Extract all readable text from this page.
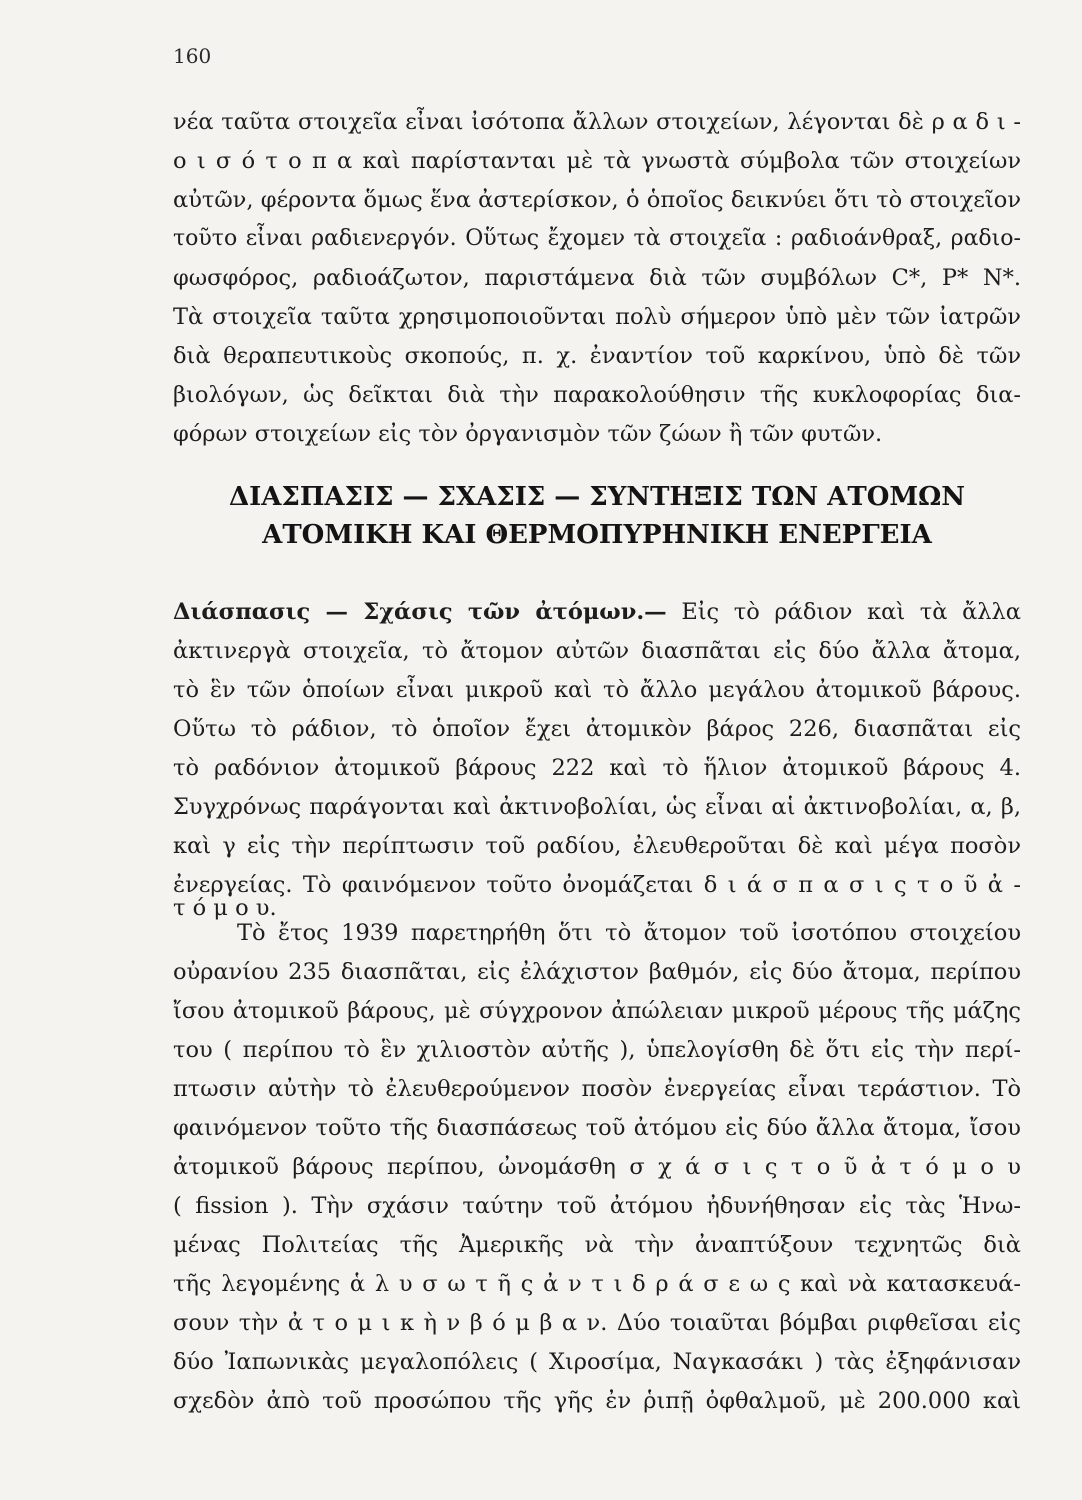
160
νέα ταῦτα στοιχεῖα εἶναι ἰσότοπα ἄλλων στοιχείων, λέγονται δὲ ρ α δ ι -
ο ι σ ό τ ο π α καὶ παρίστανται μὲ τὰ γνωστὰ σύμβολα τῶν στοιχείων
αὐτῶν, φέροντα ὅμως ἕνα ἀστερίσκον, ὁ ὁποῖος δεικνύει ὅτι τὸ στοιχεῖον
τοῦτο εἶναι ραδιενεργόν. Οὕτως ἔχομεν τὰ στοιχεῖα : ραδιοάνθραξ, ραδιο-
φωσφόρος, ραδιοάζωτον, παριστάμενα διὰ τῶν συμβόλων C*, P* N*.
Τὰ στοιχεῖα ταῦτα χρησιμοποιοῦνται πολὺ σήμερον ὑπὸ μὲν τῶν ἰατρῶν
διὰ θεραπευτικοὺς σκοπούς, π. χ. ἐναντίον τοῦ καρκίνου, ὑπὸ δὲ τῶν
βιολόγων, ὡς δεῖκται διὰ τὴν παρακολούθησιν τῆς κυκλοφορίας δια-
φόρων στοιχείων εἰς τὸν ὀργανισμὸν τῶν ζώων ἢ τῶν φυτῶν.
ΔΙΑΣΠΑΣΙΣ — ΣΧΑΣΙΣ — ΣΥΝΤΗΞΙΣ ΤΩΝ ΑΤΟΜΩΝ
ΑΤΟΜΙΚΗ ΚΑΙ ΘΕΡΜΟΠΥΡΗΝΙΚΗ ΕΝΕΡΓΕΙΑ
Διάσπασις — Σχάσις τῶν ἀτόμων.— Εἰς τὸ ράδιον καὶ τὰ ἄλλα
ἀκτινεργὰ στοιχεῖα, τὸ ἄτομον αὐτῶν διασπᾶται εἰς δύο ἄλλα ἄτομα,
τὸ ἓν τῶν ὁποίων εἶναι μικροῦ καὶ τὸ ἄλλο μεγάλου ἀτομικοῦ βάρους.
Οὕτω τὸ ράδιον, τὸ ὁποῖον ἔχει ἀτομικὸν βάρος 226, διασπᾶται εἰς
τὸ ραδόνιον ἀτομικοῦ βάρους 222 καὶ τὸ ἥλιον ἀτομικοῦ βάρους 4.
Συγχρόνως παράγονται καὶ ἀκτινοβολίαι, ὡς εἶναι αἱ ἀκτινοβολίαι, α, β,
καὶ γ εἰς τὴν περίπτωσιν τοῦ ραδίου, ἐλευθεροῦται δὲ καὶ μέγα ποσὸν
ἐνεργείας. Τὸ φαινόμενον τοῦτο ὀνομάζεται δ ι ά σ π α σ ι ς τ ο ῦ ἀ -
τ ό μ ο υ.
Τὸ ἔτος 1939 παρετηρήθη ὅτι τὸ ἄτομον τοῦ ἰσοτόπου στοιχείου
οὐρανίου 235 διασπᾶται, εἰς ἐλάχιστον βαθμόν, εἰς δύο ἄτομα, περίπου
ἴσου ἀτομικοῦ βάρους, μὲ σύγχρονον ἀπώλειαν μικροῦ μέρους τῆς μάζης
του ( περίπου τὸ ἓν χιλιοστὸν αὐτῆς ), ὑπελογίσθη δὲ ὅτι εἰς τὴν περί-
πτωσιν αὐτὴν τὸ ἐλευθερούμενον ποσὸν ἐνεργείας εἶναι τεράστιον. Τὸ
φαινόμενον τοῦτο τῆς διασπάσεως τοῦ ἀτόμου εἰς δύο ἄλλα ἄτομα, ἴσου
ἀτομικοῦ βάρους περίπου, ὠνομάσθη σ χ ά σ ι ς τ ο ῦ ἀ τ ό μ ο υ
( fission ). Τὴν σχάσιν ταύτην τοῦ ἀτόμου ἠδυνήθησαν εἰς τὰς Ἡνω-
μένας Πολιτείας τῆς Ἀμερικῆς νὰ τὴν ἀναπτύξουν τεχνητῶς διὰ
τῆς λεγομένης ἁ λ υ σ ω τ ῆ ς ἀ ν τ ι δ ρ ά σ ε ω ς καὶ νὰ κατασκευά-
σουν τὴν ἀ τ ο μ ι κ ὴ ν β ό μ β α ν. Δύο τοιαῦται βόμβαι ριφθεῖσαι εἰς
δύο Ἰαπωνικὰς μεγαλοπόλεις ( Χιροσίμα, Ναγκασάκι ) τὰς ἐξηφάνισαν
σχεδὸν ἀπὸ τοῦ προσώπου τῆς γῆς ἐν ῥιπῇ ὀφθαλμοῦ, μὲ 200.000 καὶ
